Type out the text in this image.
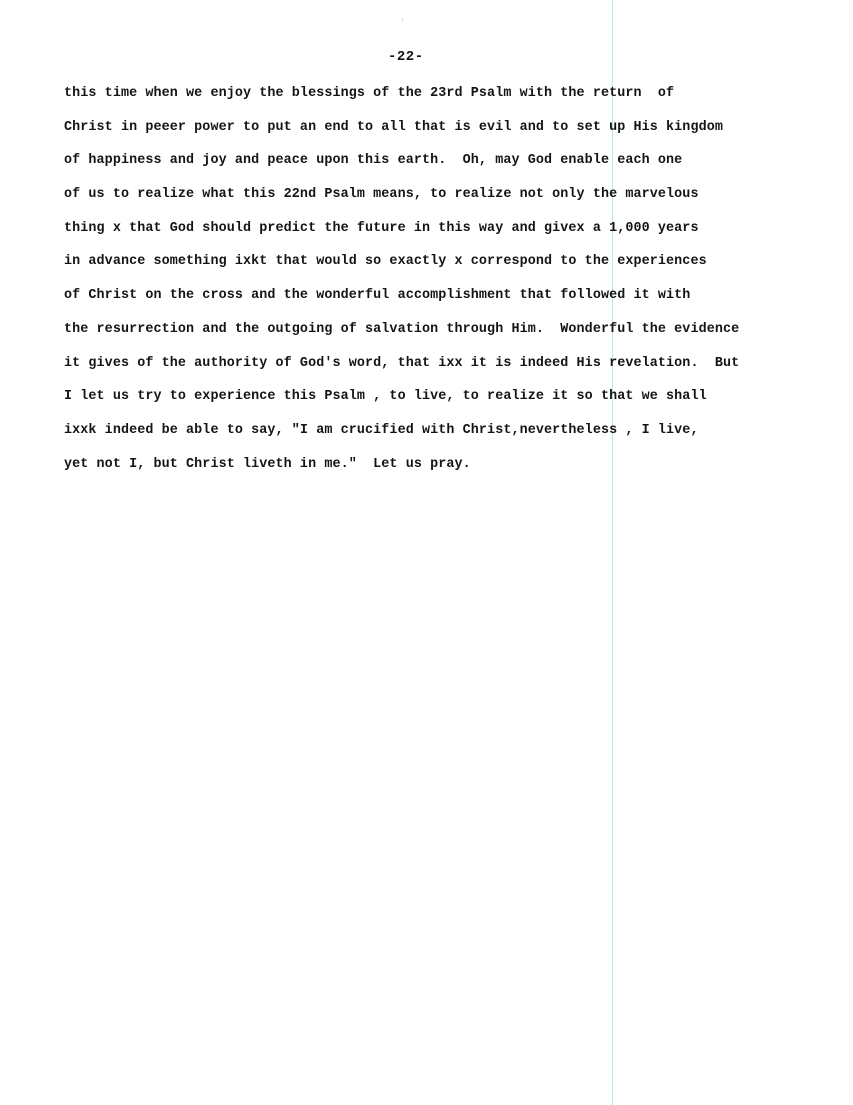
-22-
this time when we enjoy the blessings of the 23rd Psalm with the return  of
Christ in peeer power to put an end to all that is evil and to set up His kingdom
of happiness and joy and peace upon this earth.  Oh, may God enable each one
of us to realize what this 22nd Psalm means, to realize not only the marvelous
thing x that God should predict the future in this way and givex a 1,000 years
in advance something ixkt that would so exactly x correspond to the experiences
of Christ on the cross and the wonderful accomplishment that followed it with
the resurrection and the outgoing of salvation through Him.  Wonderful the evidence
it gives of the authority of God's word, that ixx it is indeed His revelation.  But
I let us try to experience this Psalm , to live, to realize it so that we shall
ixxk indeed be able to say, "I am crucified with Christ,nevertheless , I live,
yet not I, but Christ liveth in me."  Let us pray.
